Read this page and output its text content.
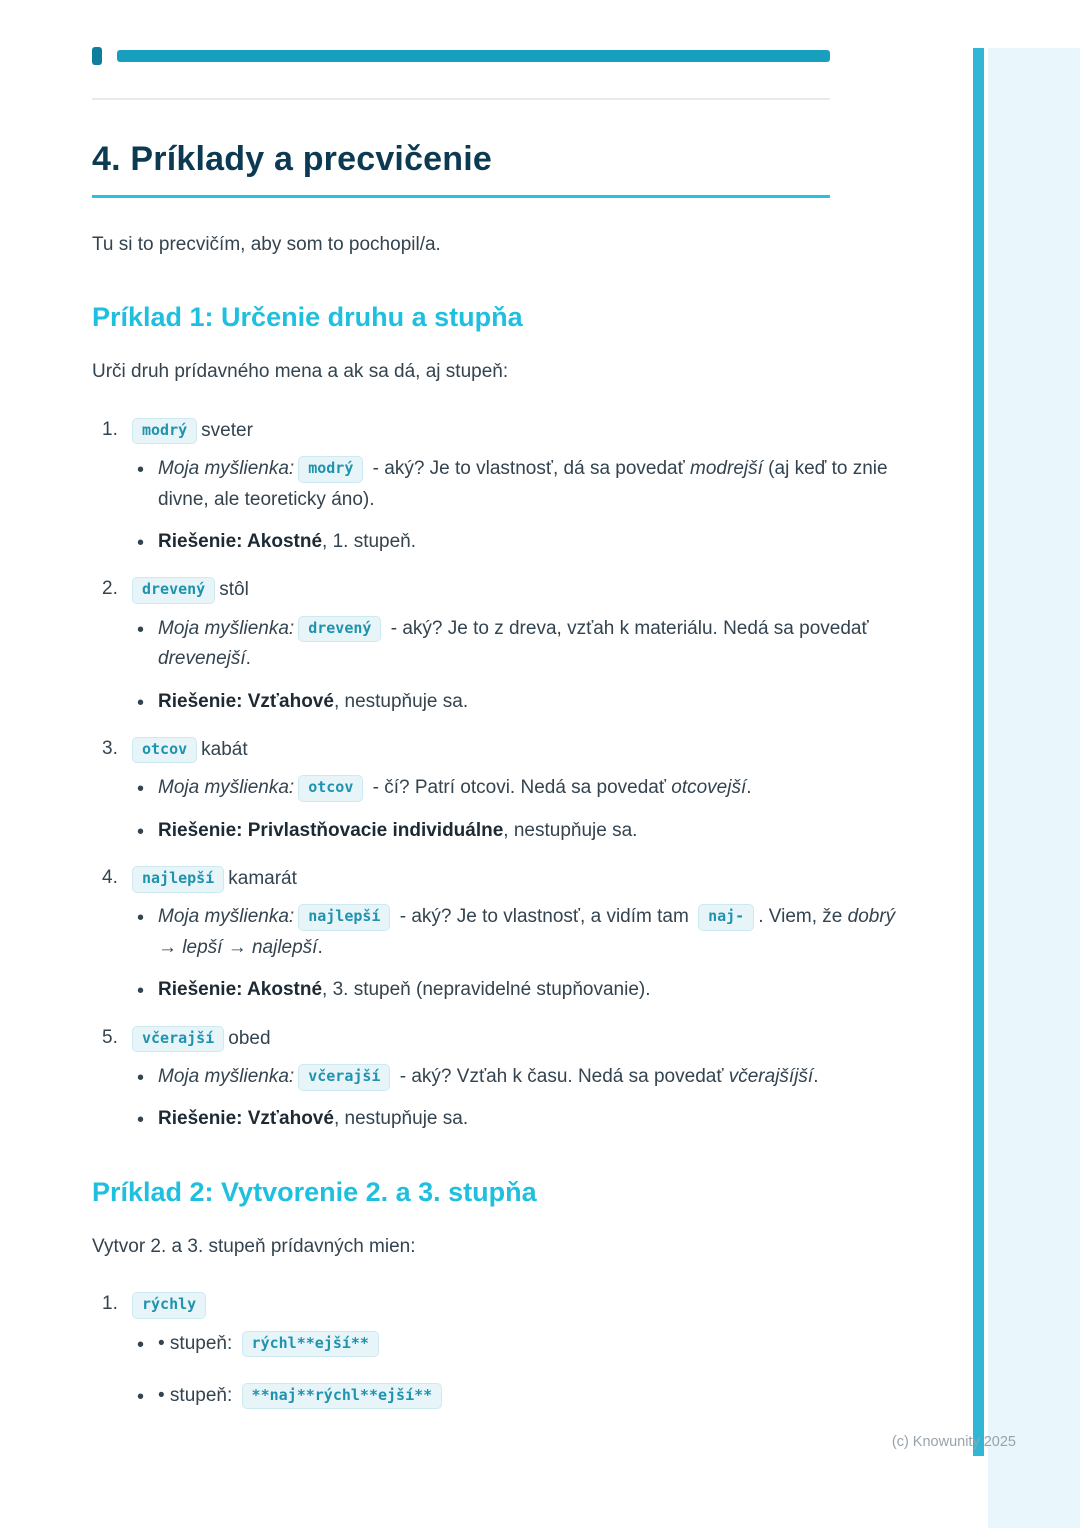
(c) Knowunity 2025
4. Príklady a precvičenie

Tu si to precvičím, aby som to pochopil/a.

Príklad 1: Určenie druhu a stupňa

Urči druh prídavného mena a ak sa dá, aj stupeň:

1.	modrý sveter
• Moja myšlienka: modrý - aký? Je to vlastnosť, dá sa povedať modrejší (aj keď to znie divne, ale teoreticky áno).
• Riešenie: Akostné, 1. stupeň.
2.	drevený stôl
• Moja myšlienka: drevený - aký? Je to z dreva, vzťah k materiálu. Nedá sa povedať drevenejší.
• Riešenie: Vzťahové, nestupňuje sa.
3.	otcov kabát
• Moja myšlienka: otcov - čí? Patrí otcovi. Nedá sa povedať otcovejší.
• Riešenie: Privlastňovacie individuálne, nestupňuje sa.
4.	najlepší kamarát
• Moja myšlienka: najlepší - aký? Je to vlastnosť, a vidím tam naj- . Viem, že dobrý → lepší → najlepší.
• Riešenie: Akostné, 3. stupeň (nepravidelné stupňovanie).
5.	včerajší obed
• Moja myšlienka: včerajší - aký? Vzťah k času. Nedá sa povedať včerajšíjší.
• Riešenie: Vzťahové, nestupňuje sa.
Príklad 2: Vytvorenie 2. a 3. stupňa

Vytvor 2. a 3. stupeň prídavných mien:

1.	rýchly
• • stupeň: rýchl**ejší**
• • stupeň: **naj**rýchl**ejší**
